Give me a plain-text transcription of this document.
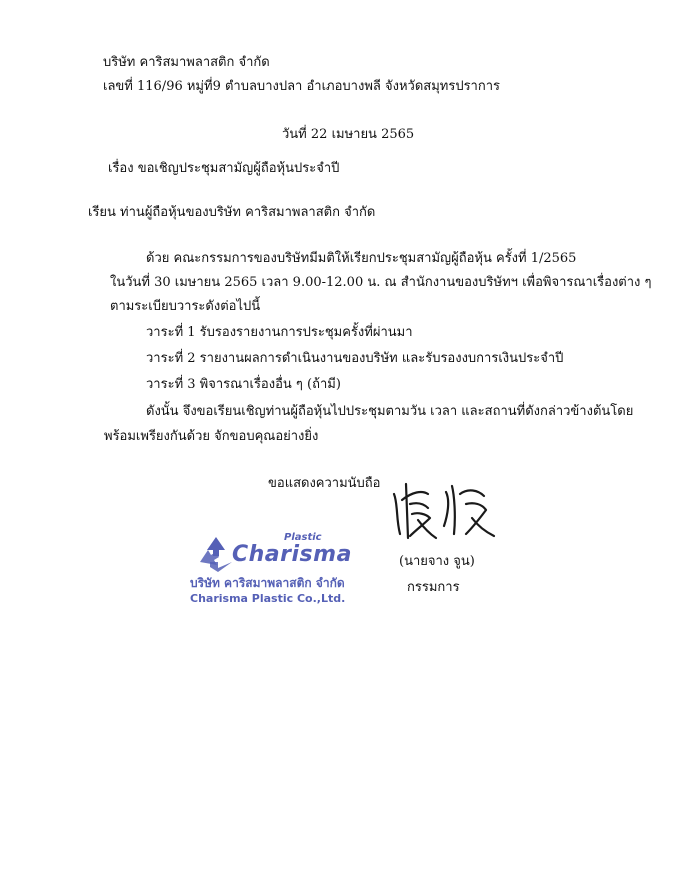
บริษัท คาริสมาพลาสติก จำกัด
เลขที่ 116/96 หมู่ที่9 ตำบลบางปลา อำเภอบางพลี จังหวัดสมุทรปราการ
วันที่ 22 เมษายน 2565
เรื่อง ขอเชิญประชุมสามัญผู้ถือหุ้นประจำปี
เรียน ท่านผู้ถือหุ้นของบริษัท คาริสมาพลาสติก จำกัด
ด้วย คณะกรรมการของบริษัทมีมติให้เรียกประชุมสามัญผู้ถือหุ้น ครั้งที่ 1/2565
ในวันที่ 30 เมษายน 2565 เวลา 9.00-12.00 น. ณ สำนักงานของบริษัทฯ เพื่อพิจารณาเรื่องต่าง ๆ
ตามระเบียบวาระดังต่อไปนี้
วาระที่ 1 รับรองรายงานการประชุมครั้งที่ผ่านมา
วาระที่ 2 รายงานผลการดำเนินงานของบริษัท และรับรองงบการเงินประจำปี
วาระที่ 3 พิจารณาเรื่องอื่น ๆ (ถ้ามี)
ดังนั้น จึงขอเรียนเชิญท่านผู้ถือหุ้นไปประชุมตามวัน เวลา และสถานที่ดังกล่าวข้างต้นโดย
พร้อมเพรียงกันด้วย จักขอบคุณอย่างยิ่ง
ขอแสดงความนับถือ
(นายจาง จูน)
กรรมการ
Plastic
Charisma
บริษัท คาริสมาพลาสติก จำกัด
Charisma Plastic Co.,Ltd.
